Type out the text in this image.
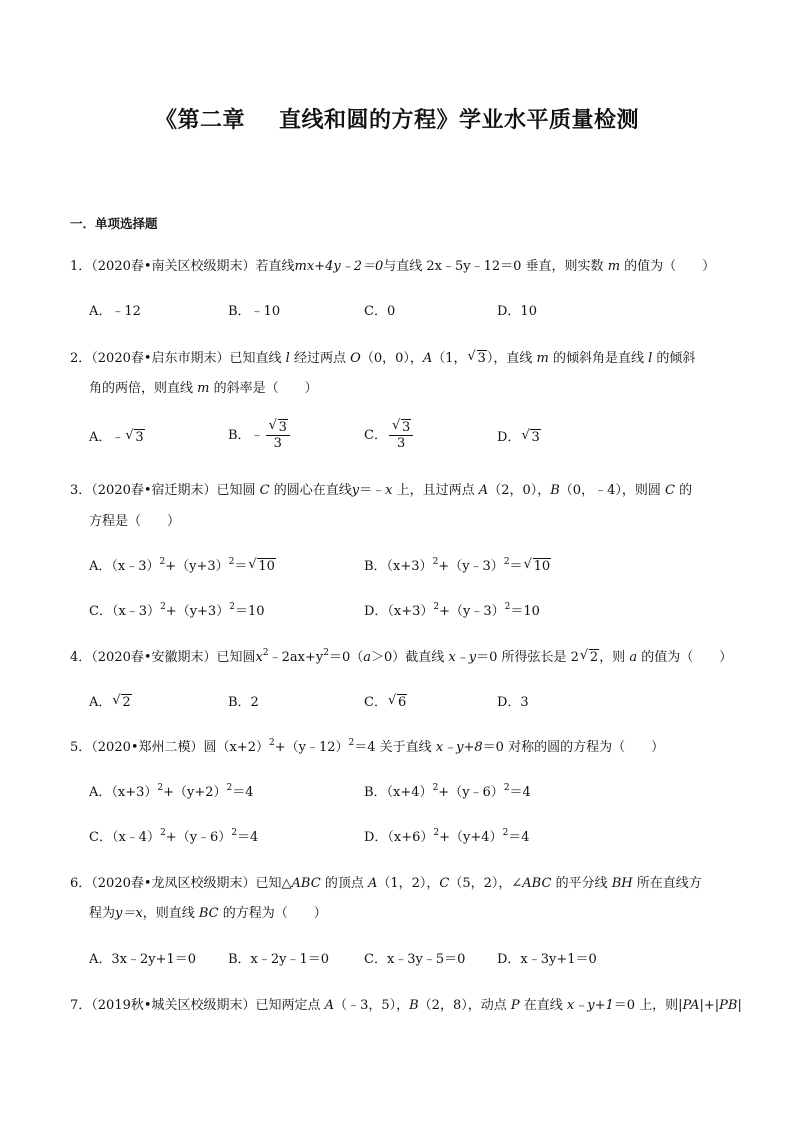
《第二章 直线和圆的方程》学业水平质量检测
一．单项选择题
1．（2020春•南关区校级期末）若直线mx+4y﹣2＝0与直线 2x﹣5y﹣12＝0 垂直，则实数 m 的值为（　　）
A．﹣12	B．﹣10	C．0	D．10
2．（2020春•启东市期末）已知直线 l 经过两点 O（0，0），A（1，√ 3），直线 m 的倾斜角是直线 l 的倾斜
角的两倍，则直线 m 的斜率是（　　）
A．﹣√ 3	B．﹣
√ $\frac{3}{3}$	C．
√ $\frac{3}{3}$	D．√ 3
3．（2020春•宿迁期末）已知圆 C 的圆心在直线y＝﹣x 上，且过两点 A（2，0），B（0，﹣4），则圆 C 的
方程是（　　）
A．$(x﹣3)^2+(y+3)^2=√$ 10	B．$(x+3)^2+(y﹣3)^2=√$ 10
C．$(x﹣3)^2+(y+3)^2=10$	D．$(x+3)^2+(y﹣3)^2=10$
4．（2020春•安徽期末）已知圆$x^2﹣2ax+y^2=0(a>0)$截直线 x﹣y＝0 所得弦长是 2√ 2，则 a 的值为（　　）
A．√ 2	B．2	C．√ 6	D．3
5．（2020•郑州二模）圆$(x+2)^2+(y﹣12)^2=4$ 关于直线 x﹣y+8＝0 对称的圆的方程为（　　）
A．$(x+3)^2+(y+2)^2=4$	B．$(x+4)^2+(y﹣6)^2=4$
C．（x﹣4）$^2$+（y﹣6）$^2$＝4	D．$(x+6)^2+(y+4)^2=4$
6．（2020春•龙凤区校级期末）已知△ABC 的顶点 A（1，2），C（5，2），∠ABC 的平分线 BH 所在直线方
程为y＝x，则直线 BC 的方程为（　　）
A．3x﹣2y+1＝0 B．x﹣2y﹣1＝0	C．x﹣3y﹣5＝0 D．x﹣3y+1＝0
7．（2019秋•城关区校级期末）已知两定点 A（﹣3，5），B（2，8），动点 P 在直线 x﹣y+1＝0 上，则|PA|+|PB|
